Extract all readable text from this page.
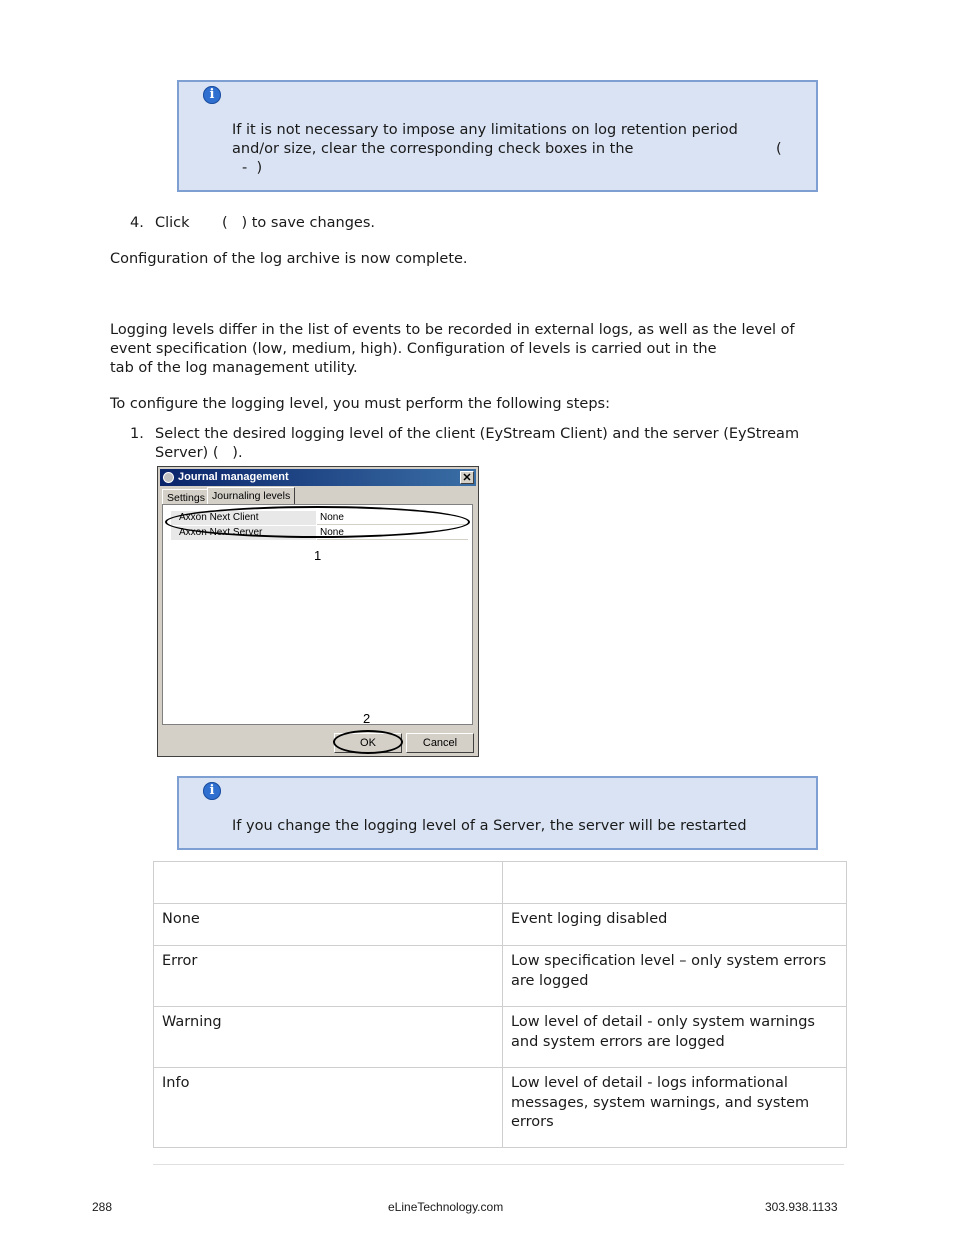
i
If it is not necessary to impose any limitations on log retention period
and/or size, clear the corresponding check boxes in the	(
-  )
4. Click (   ) to save changes.
Configuration of the log archive is now complete.
Logging levels differ in the list of events to be recorded in external logs, as well as the level of
event specification (low, medium, high). Configuration of levels is carried out in the
tab of the log management utility.
To configure the logging level, you must perform the following steps:
1. Select the desired logging level of the client (EyStream Client) and the server (EyStream
Server) (   ).
Journal management	✕
Settings Journaling levels
Axxon Next Client	None
Axxon Next Server	None
1
2
OK	Cancel
i
If you change the logging level of a Server, the server will be restarted

None	Event loging disabled
Error	Low specification level – only system errors are logged
Warning	Low level of detail - only system warnings and system errors are logged
Info	Low level of detail - logs informational messages, system warnings, and system errors
288	eLineTechnology.com	303.938.1133
